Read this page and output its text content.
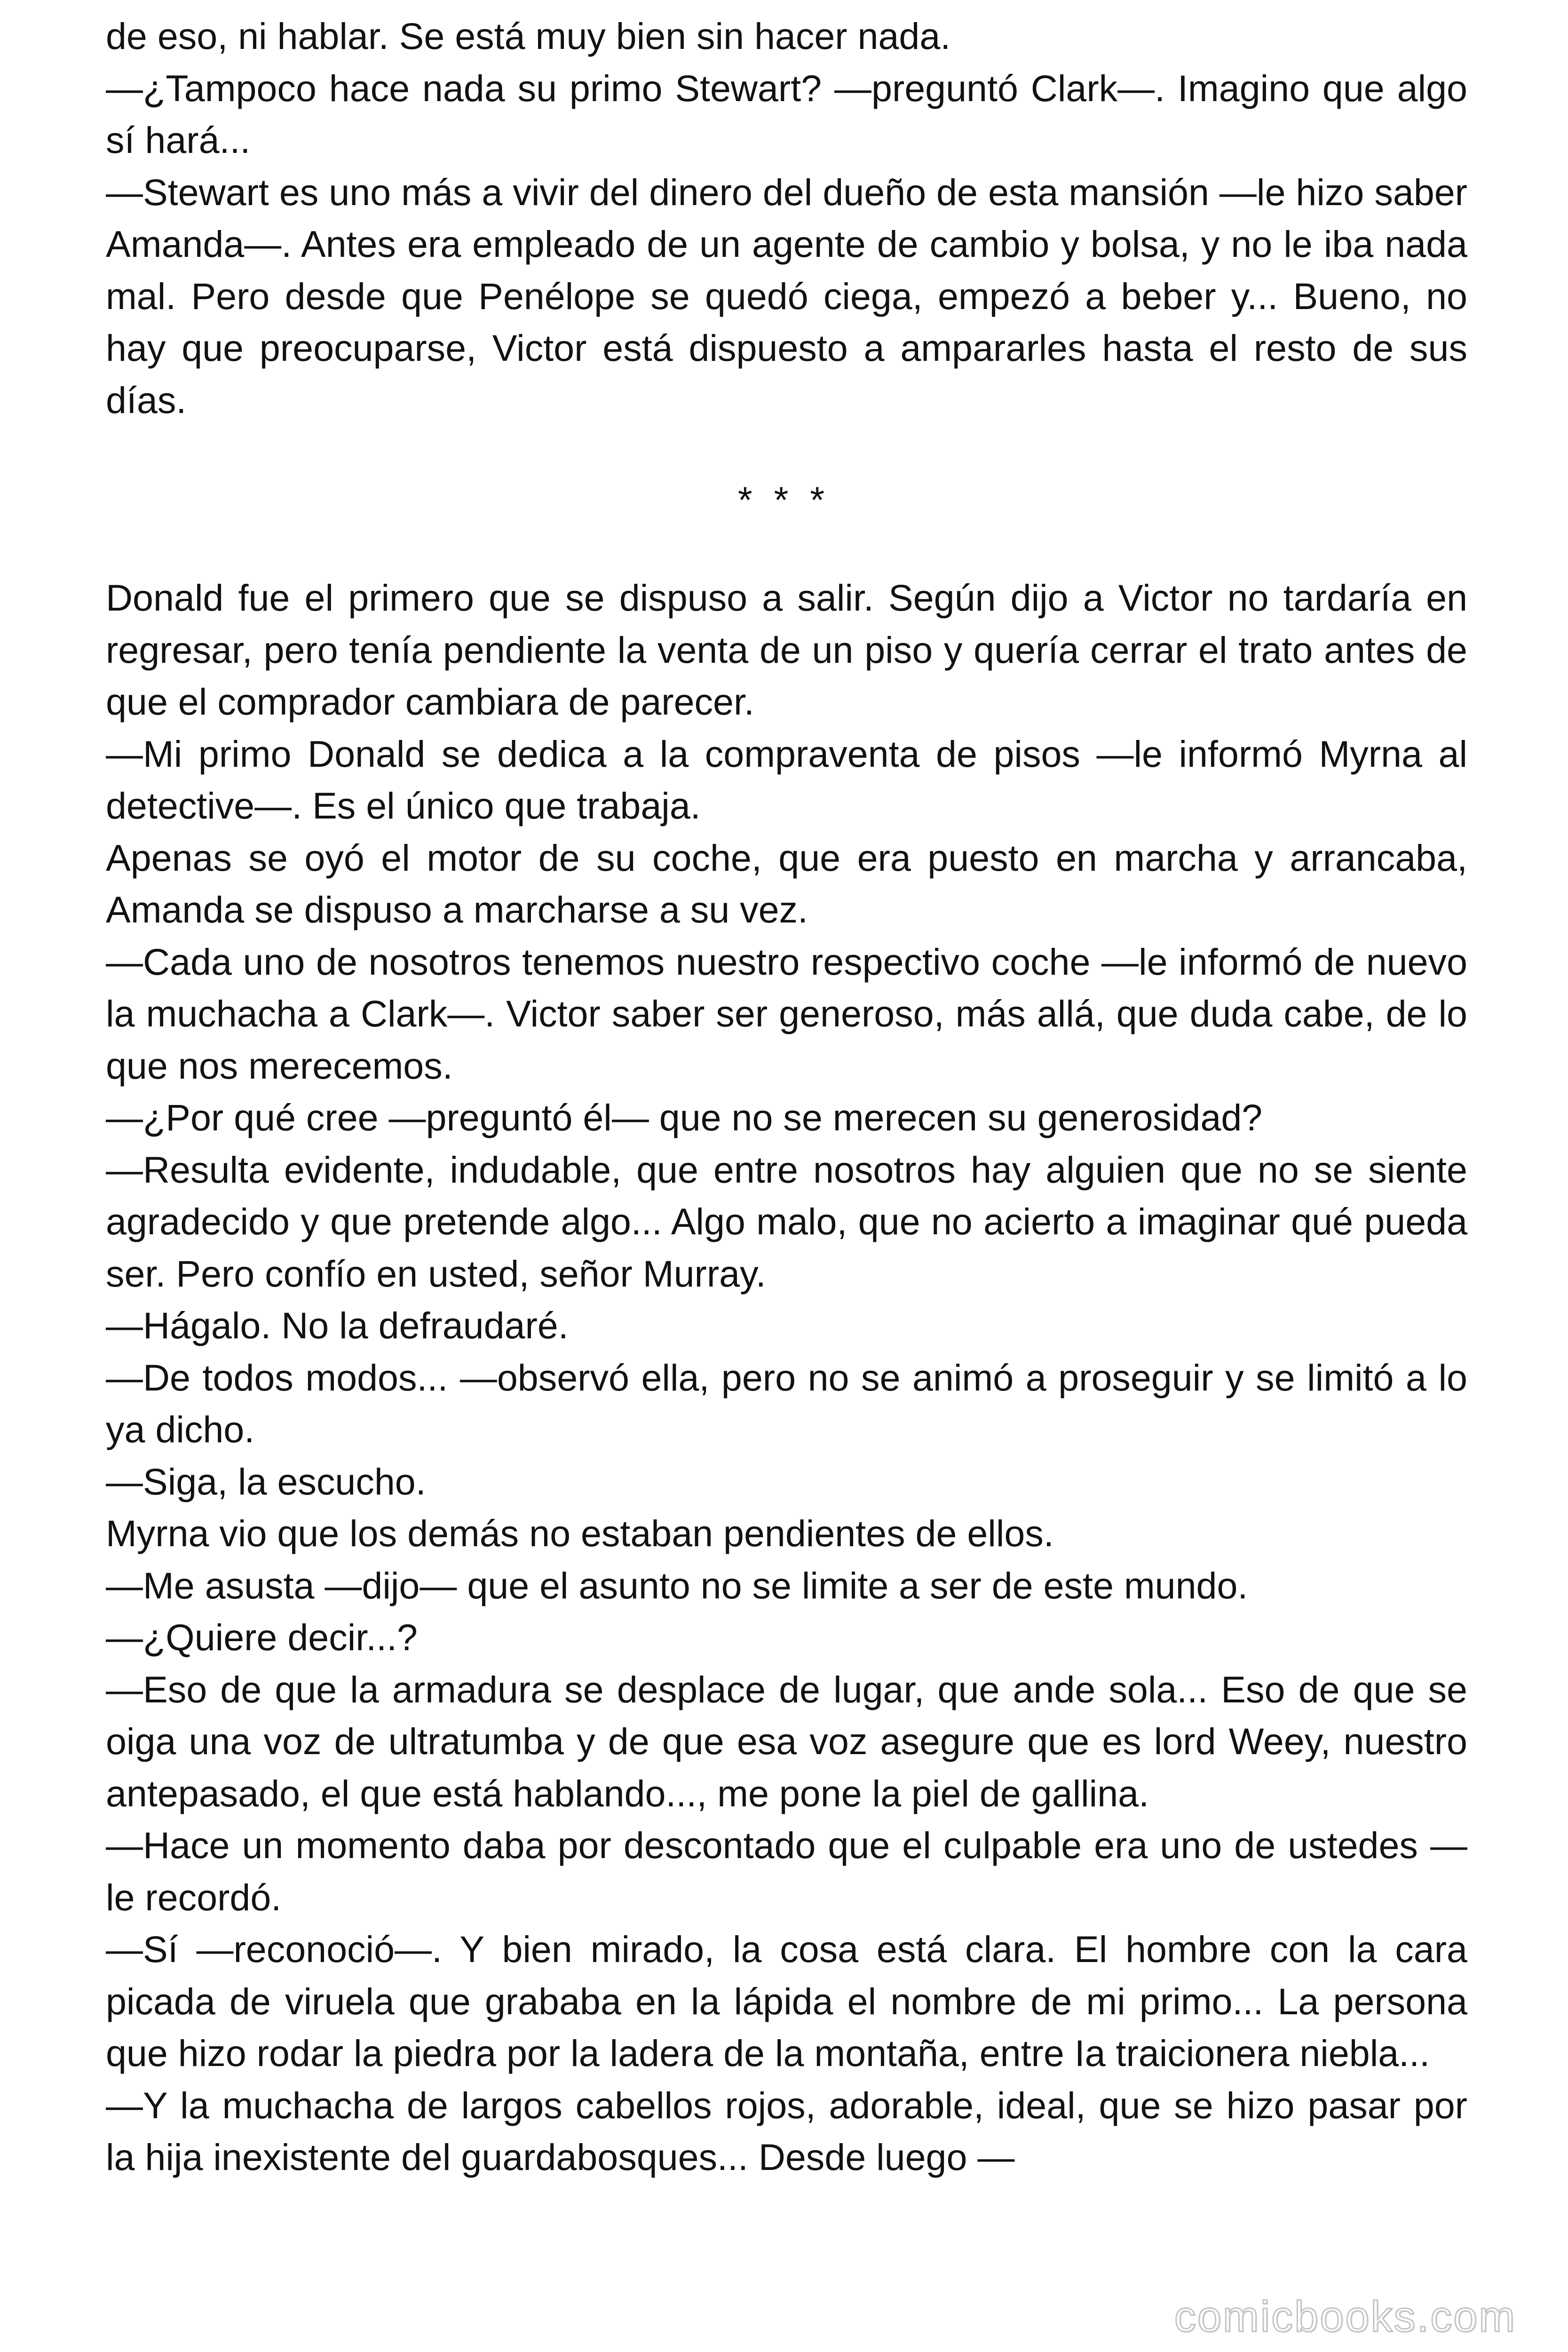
de eso, ni hablar. Se está muy bien sin hacer nada.

—¿Tampoco hace nada su primo Stewart? —preguntó Clark—. Imagino que algo sí hará...

—Stewart es uno más a vivir del dinero del dueño de esta mansión —le hizo saber Amanda—. Antes era empleado de un agente de cambio y bolsa, y no le iba nada mal. Pero desde que Penélope se quedó ciega, empezó a beber y... Bueno, no hay que preocuparse, Victor está dispuesto a ampararles hasta el resto de sus días.

* * *

Donald fue el primero que se dispuso a salir. Según dijo a Victor no tardaría en regresar, pero tenía pendiente la venta de un piso y quería cerrar el trato antes de que el comprador cambiara de parecer.

—Mi primo Donald se dedica a la compraventa de pisos —le informó Myrna al detective—. Es el único que trabaja.

Apenas se oyó el motor de su coche, que era puesto en marcha y arrancaba, Amanda se dispuso a marcharse a su vez.

—Cada uno de nosotros tenemos nuestro respectivo coche —le informó de nuevo la muchacha a Clark—. Victor saber ser generoso, más allá, que duda cabe, de lo que nos merecemos.

—¿Por qué cree —preguntó él— que no se merecen su generosidad?

—Resulta evidente, indudable, que entre nosotros hay alguien que no se siente agradecido y que pretende algo... Algo malo, que no acierto a imaginar qué pueda ser. Pero confío en usted, señor Murray.

—Hágalo. No la defraudaré.

—De todos modos... —observó ella, pero no se animó a proseguir y se limitó a lo ya dicho.

—Siga, la escucho.

Myrna vio que los demás no estaban pendientes de ellos.

—Me asusta —dijo— que el asunto no se limite a ser de este mundo.

—¿Quiere decir...?

—Eso de que la armadura se desplace de lugar, que ande sola... Eso de que se oiga una voz de ultratumba y de que esa voz asegure que es lord Weey, nuestro antepasado, el que está hablando..., me pone la piel de gallina.

—Hace un momento daba por descontado que el culpable era uno de ustedes —le recordó.

—Sí —reconoció—. Y bien mirado, la cosa está clara. El hombre con la cara picada de viruela que grababa en la lápida el nombre de mi primo... La persona que hizo rodar la piedra por la ladera de la montaña, entre Ia traicionera niebla...

—Y la muchacha de largos cabellos rojos, adorable, ideal, que se hizo pasar por la hija inexistente del guardabosques... Desde luego —

comicbooks.com
